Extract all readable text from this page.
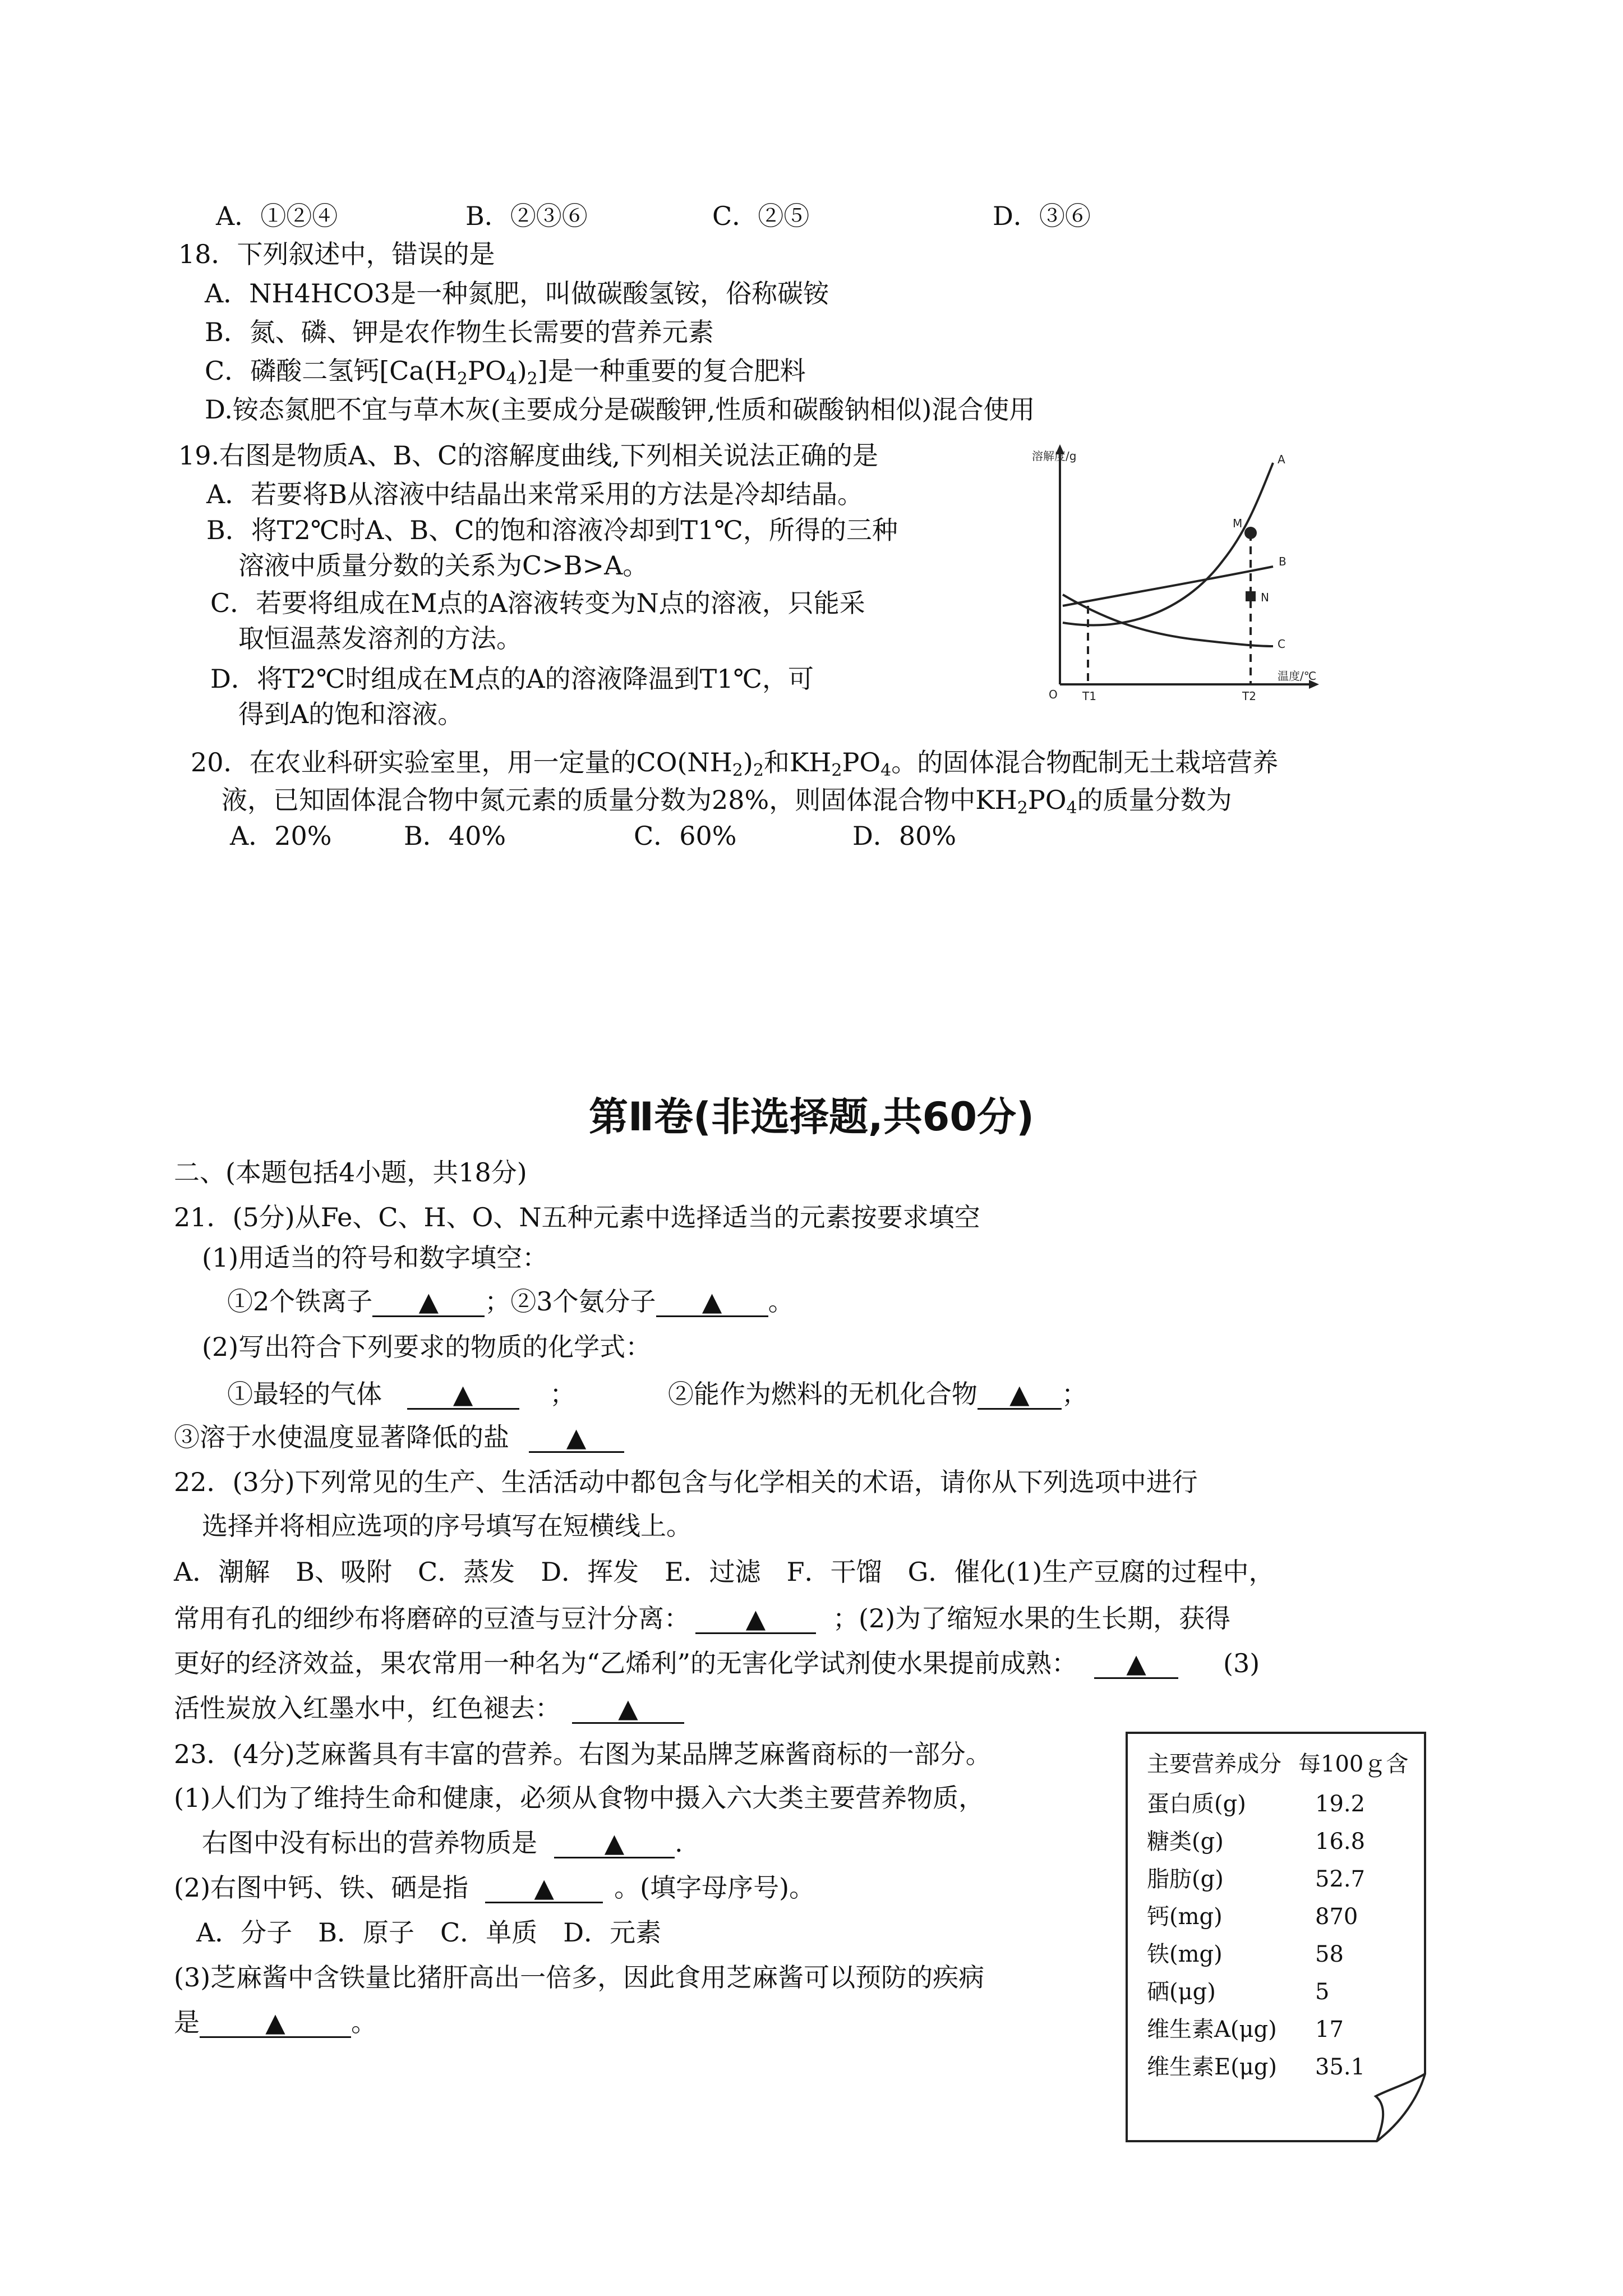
A．①②④	B．②③⑥	C．②⑤	D．③⑥
18．下列叙述中，错误的是
A．NH4HCO3是一种氮肥，叫做碳酸氢铵，俗称碳铵
B．氮、磷、钾是农作物生长需要的营养元素
C．磷酸二氢钙$[Ca(H_2PO_4)_2]$是一种重要的复合肥料
D.铵态氮肥不宜与草木灰(主要成分是碳酸钾,性质和碳酸钠相似)混合使用
19.右图是物质A、B、C的溶解度曲线,下列相关说法正确的是
A．若要将B从溶液中结晶出来常采用的方法是冷却结晶。
B．将T2℃时A、B、C的饱和溶液冷却到T1℃，所得的三种
溶液中质量分数的关系为C>B>A。
C．若要将组成在M点的A溶液转变为N点的溶液，只能采
取恒温蒸发溶剂的方法。
D．将T2℃时组成在M点的A的溶液降温到T1℃，可
得到A的饱和溶液。
溶解度/g
温度/℃
O T1	T2
A
B
C
M
N
20．在农业科研实验室里，用一定量的$CO(NH_2)_2$和$KH_2PO_4$。的固体混合物配制无土栽培营养
液，已知固体混合物中氮元素的质量分数为28%，则固体混合物中$KH_2PO_4$的质量分数为
A．20%	B．40%	C．60%	D．80%
第Ⅱ卷(非选择题,共60分)
二、(本题包括4小题，共18分)
21．(5分)从Fe、C、H、O、N五种元素中选择适当的元素按要求填空
(1)用适当的符号和数字填空：
①2个铁离子 ▲ ；②3个氨分子 ▲ 。
(2)写出符合下列要求的物质的化学式：
①最轻的气体	▲	；	②能作为燃料的无机化合物 ▲ ；
③溶于水使温度显著降低的盐 ▲
22．(3分)下列常见的生产、生活活动中都包含与化学相关的术语，请你从下列选项中进行
选择并将相应选项的序号填写在短横线上。
A．潮解　B、吸附　C．蒸发　D．挥发　E．过滤　F．干馏　G．催化(1)生产豆腐的过程中，
常用有孔的细纱布将磨碎的豆渣与豆汁分离： ▲	；(2)为了缩短水果的生长期，获得
更好的经济效益，果农常用一种名为“乙烯利”的无害化学试剂使水果提前成熟： ▲	(3)
活性炭放入红墨水中，红色褪去： ▲
23．(4分)芝麻酱具有丰富的营养。右图为某品牌芝麻酱商标的一部分。
(1)人们为了维持生命和健康，必须从食物中摄入六大类主要营养物质，
右图中没有标出的营养物质是	▲ .
(2)右图中钙、铁、硒是指	▲ 。(填字母序号)。
A．分子　B．原子　C．单质　D．元素
(3)芝麻酱中含铁量比猪肝高出一倍多，因此食用芝麻酱可以预防的疾病
是	▲	。
主要营养成分 每100ｇ含
蛋白质(g)	19.2
糖类(g)	16.8
脂肪(g)	52.7
钙(mg)	870
铁(mg)	58
硒(μg)	5
维生素A(μg) 17
维生素E(μg) 35.1
